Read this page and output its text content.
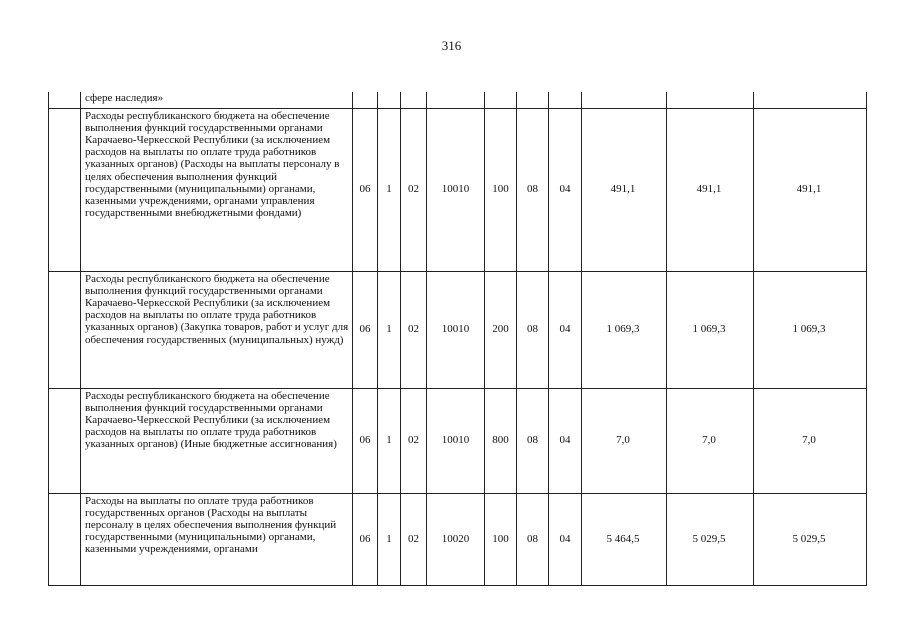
316
	сфере наследия»										
	Расходы республиканского бюджета на обеспечение выполнения функций государственными органами Карачаево-Черкесской Республики (за исключением расходов на выплаты по оплате труда работников указанных органов) (Расходы на выплаты персоналу в целях обеспечения выполнения функций государственными (муниципальными) органами, казенными учреждениями, органами управления государственными внебюджетными фондами)	06	1	02	10010	100	08	04	491,1	491,1	491,1
	Расходы республиканского бюджета на обеспечение выполнения функций государственными органами Карачаево-Черкесской Республики (за исключением расходов на выплаты по оплате труда работников указанных органов) (Закупка товаров, работ и услуг для обеспечения государственных (муниципальных) нужд)	06	1	02	10010	200	08	04	1 069,3	1 069,3	1 069,3
	Расходы республиканского бюджета на обеспечение выполнения функций государственными органами Карачаево-Черкесской Республики (за исключением расходов на выплаты по оплате труда работников указанных органов) (Иные бюджетные ассигнования)	06	1	02	10010	800	08	04	7,0	7,0	7,0
	Расходы на выплаты по оплате труда работников государственных органов (Расходы на выплаты персоналу в целях обеспечения выполнения функций государственными (муниципальными) органами, казенными учреждениями, органами	06	1	02	10020	100	08	04	5 464,5	5 029,5	5 029,5
